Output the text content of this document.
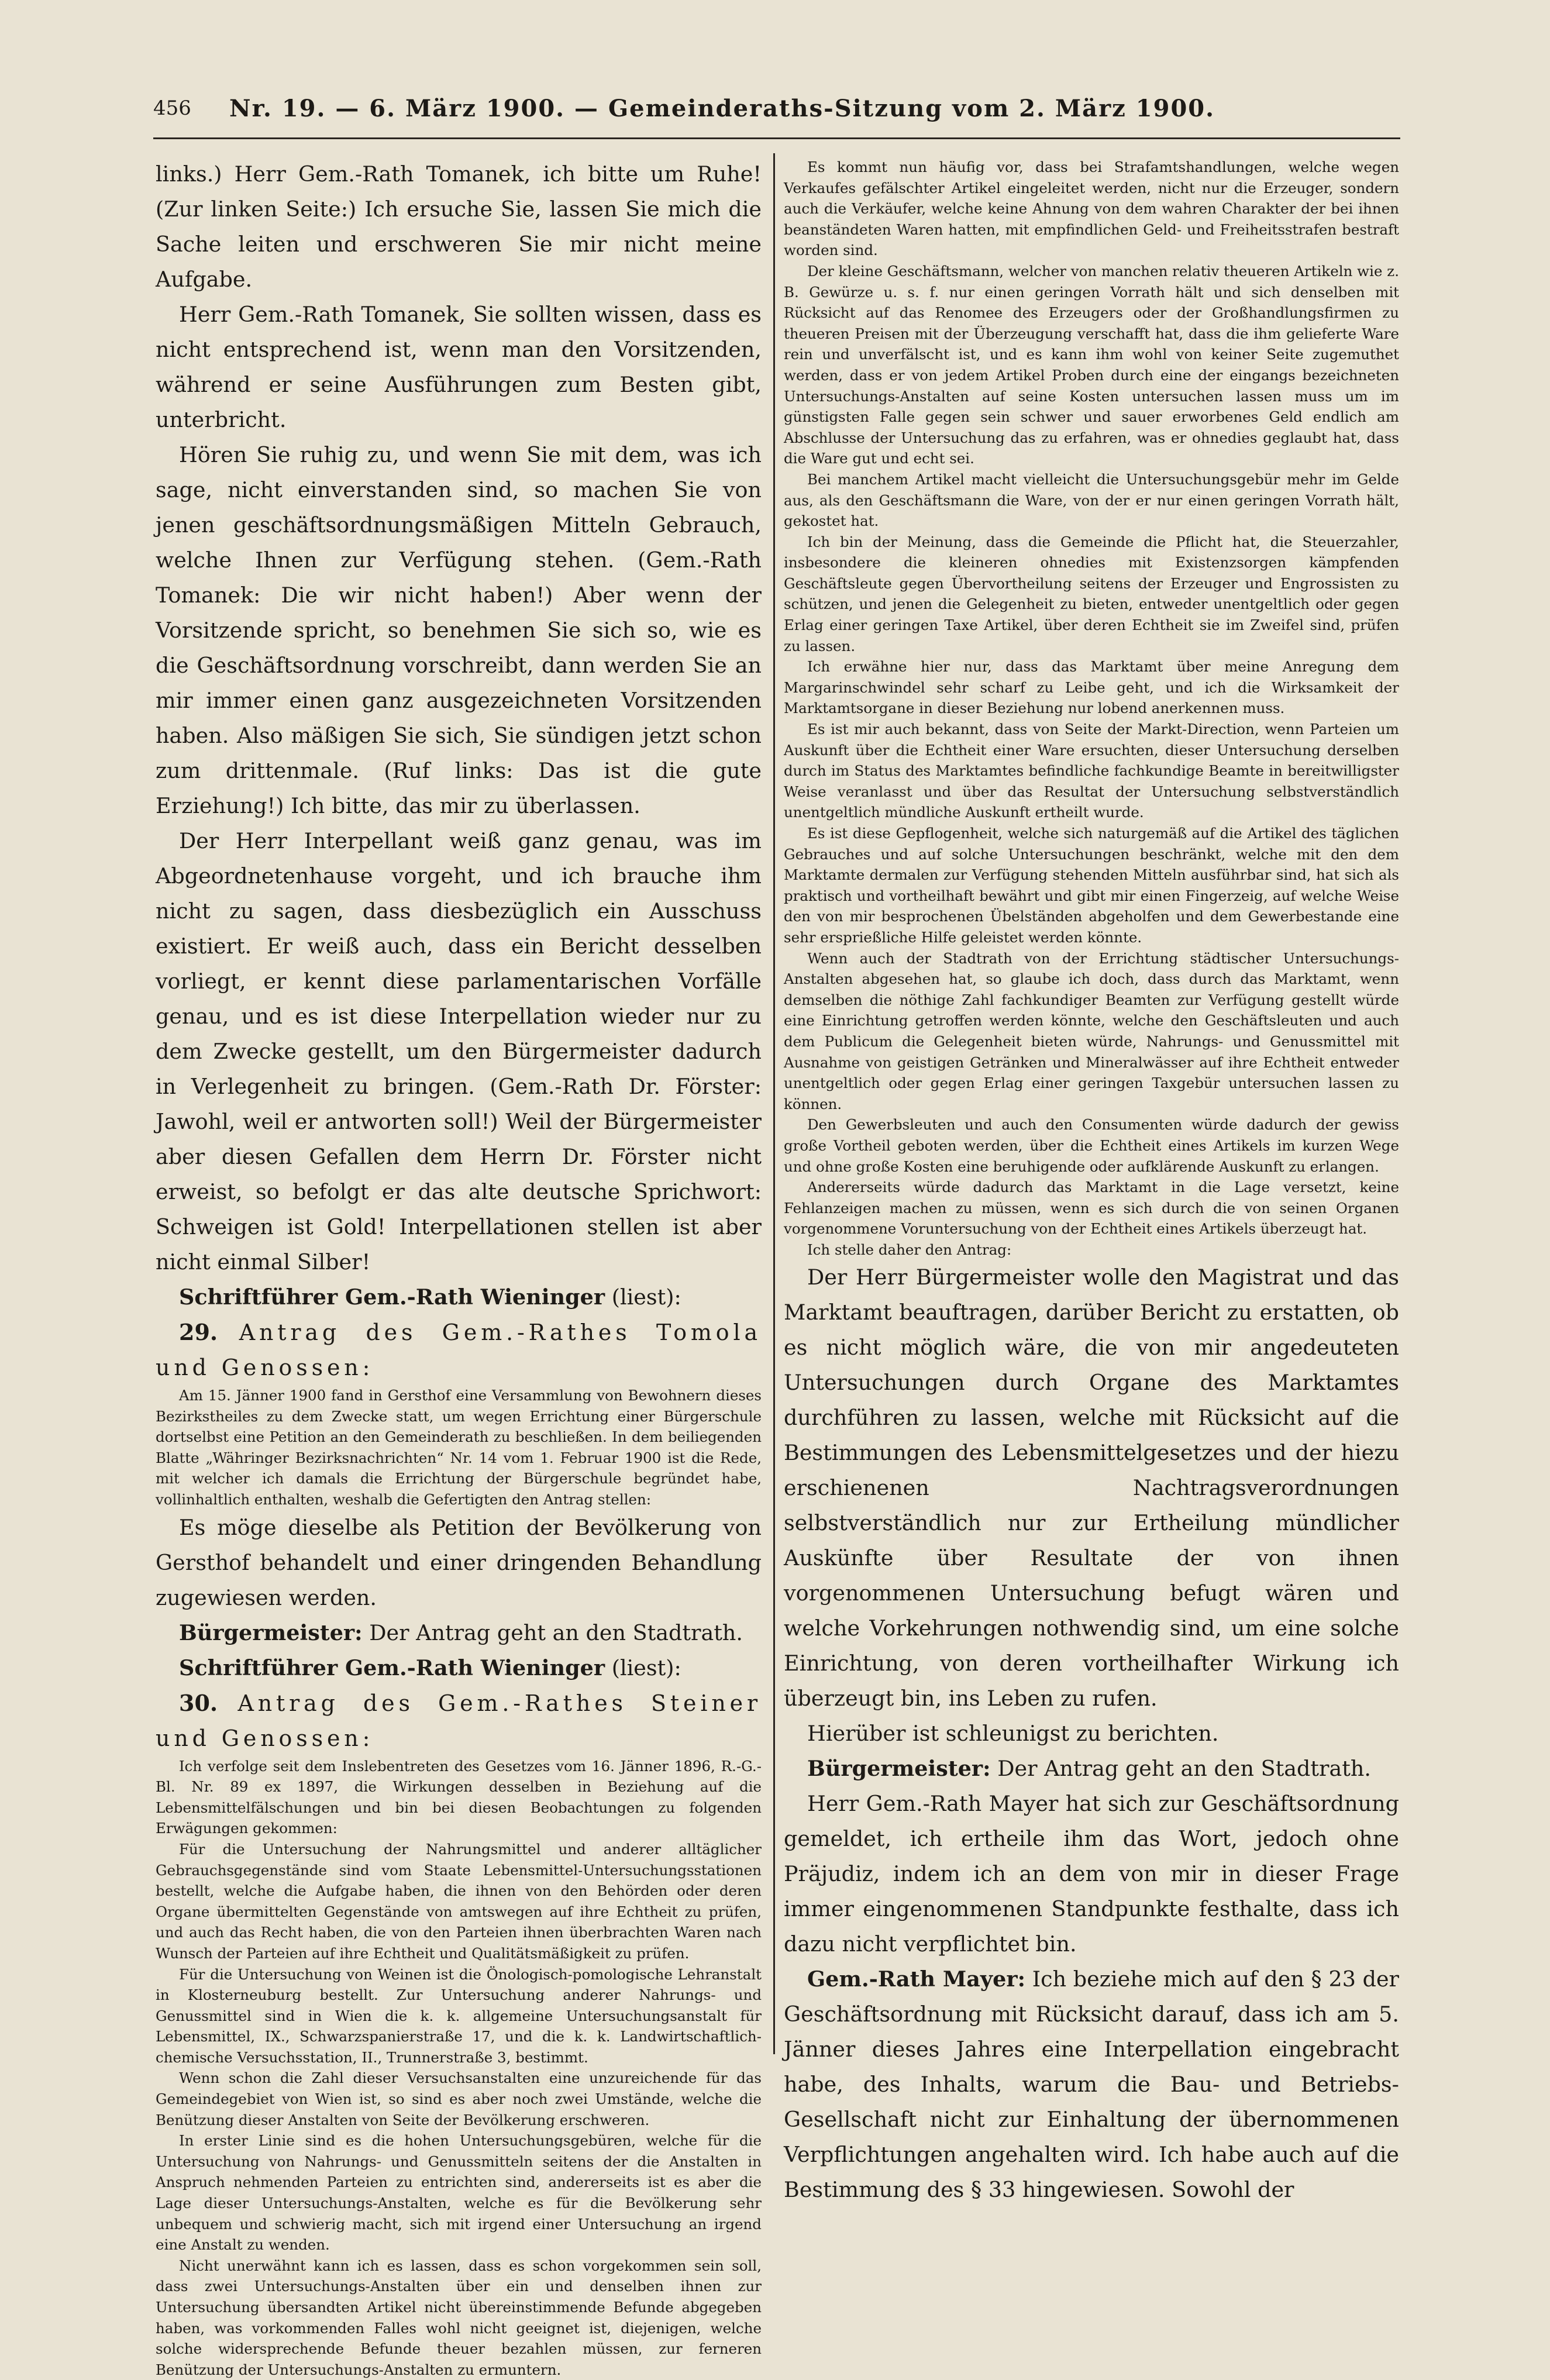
456	Nr. 19. — 6. März 1900. — Gemeinderaths-Sitzung vom 2. März 1900.

links.) Herr Gem.-Rath Tomanek, ich bitte um Ruhe! (Zur linken Seite:) Ich ersuche Sie, lassen Sie mich die Sache leiten und erschweren Sie mir nicht meine Aufgabe.

Herr Gem.-Rath Tomanek, Sie sollten wissen, dass es nicht entsprechend ist, wenn man den Vorsitzenden, während er seine Ausführungen zum Besten gibt, unterbricht.

Hören Sie ruhig zu, und wenn Sie mit dem, was ich sage, nicht einverstanden sind, so machen Sie von jenen geschäftsordnungsmäßigen Mitteln Gebrauch, welche Ihnen zur Verfügung stehen. (Gem.-Rath Tomanek: Die wir nicht haben!) Aber wenn der Vorsitzende spricht, so benehmen Sie sich so, wie es die Geschäftsordnung vorschreibt, dann werden Sie an mir immer einen ganz ausgezeichneten Vorsitzenden haben. Also mäßigen Sie sich, Sie sündigen jetzt schon zum drittenmale. (Ruf links: Das ist die gute Erziehung!) Ich bitte, das mir zu überlassen.

Der Herr Interpellant weiß ganz genau, was im Abgeordnetenhause vorgeht, und ich brauche ihm nicht zu sagen, dass diesbezüglich ein Ausschuss existiert. Er weiß auch, dass ein Bericht desselben vorliegt, er kennt diese parlamentarischen Vorfälle genau, und es ist diese Interpellation wieder nur zu dem Zwecke gestellt, um den Bürgermeister dadurch in Verlegenheit zu bringen. (Gem.-Rath Dr. Förster: Jawohl, weil er antworten soll!) Weil der Bürgermeister aber diesen Gefallen dem Herrn Dr. Förster nicht erweist, so befolgt er das alte deutsche Sprichwort: Schweigen ist Gold! Interpellationen stellen ist aber nicht einmal Silber!

Schriftführer Gem.-Rath Wieninger (liest):

29. Antrag des Gem.-Rathes Tomola und Genossen:

Am 15. Jänner 1900 fand in Gersthof eine Versammlung von Bewohnern dieses Bezirkstheiles zu dem Zwecke statt, um wegen Errichtung einer Bürgerschule dortselbst eine Petition an den Gemeinderath zu beschließen. In dem beiliegenden Blatte „Währinger Bezirksnachrichten“ Nr. 14 vom 1. Februar 1900 ist die Rede, mit welcher ich damals die Errichtung der Bürgerschule begründet habe, vollinhaltlich enthalten, weshalb die Gefertigten den Antrag stellen:

Es möge dieselbe als Petition der Bevölkerung von Gersthof behandelt und einer dringenden Behandlung zugewiesen werden.

Bürgermeister: Der Antrag geht an den Stadtrath.

Schriftführer Gem.-Rath Wieninger (liest):

30. Antrag des Gem.-Rathes Steiner und Genossen:

Ich verfolge seit dem Inslebentreten des Gesetzes vom 16. Jänner 1896, R.-G.-Bl. Nr. 89 ex 1897, die Wirkungen desselben in Beziehung auf die Lebensmittelfälschungen und bin bei diesen Beobachtungen zu folgenden Erwägungen gekommen:

Für die Untersuchung der Nahrungsmittel und anderer alltäglicher Gebrauchsgegenstände sind vom Staate Lebensmittel-Untersuchungsstationen bestellt, welche die Aufgabe haben, die ihnen von den Behörden oder deren Organe übermittelten Gegenstände von amtswegen auf ihre Echtheit zu prüfen, und auch das Recht haben, die von den Parteien ihnen überbrachten Waren nach Wunsch der Parteien auf ihre Echtheit und Qualitätsmäßigkeit zu prüfen.

Für die Untersuchung von Weinen ist die Önologisch-pomologische Lehranstalt in Klosterneuburg bestellt. Zur Untersuchung anderer Nahrungs- und Genussmittel sind in Wien die k. k. allgemeine Untersuchungsanstalt für Lebensmittel, IX., Schwarzspanierstraße 17, und die k. k. Landwirtschaftlich-chemische Versuchsstation, II., Trunnerstraße 3, bestimmt.

Wenn schon die Zahl dieser Versuchsanstalten eine unzureichende für das Gemeindegebiet von Wien ist, so sind es aber noch zwei Umstände, welche die Benützung dieser Anstalten von Seite der Bevölkerung erschweren.

In erster Linie sind es die hohen Untersuchungsgebüren, welche für die Untersuchung von Nahrungs- und Genussmitteln seitens der die Anstalten in Anspruch nehmenden Parteien zu entrichten sind, andererseits ist es aber die Lage dieser Untersuchungs-Anstalten, welche es für die Bevölkerung sehr unbequem und schwierig macht, sich mit irgend einer Untersuchung an irgend eine Anstalt zu wenden.

Nicht unerwähnt kann ich es lassen, dass es schon vorgekommen sein soll, dass zwei Untersuchungs-Anstalten über ein und denselben ihnen zur Untersuchung übersandten Artikel nicht übereinstimmende Befunde abgegeben haben, was vorkommenden Falles wohl nicht geeignet ist, diejenigen, welche solche widersprechende Befunde theuer bezahlen müssen, zur ferneren Benützung der Untersuchungs-Anstalten zu ermuntern.

Es kommt nun häufig vor, dass bei Strafamtshandlungen, welche wegen Verkaufes gefälschter Artikel eingeleitet werden, nicht nur die Erzeuger, sondern auch die Verkäufer, welche keine Ahnung von dem wahren Charakter der bei ihnen beanständeten Waren hatten, mit empfindlichen Geld- und Freiheitsstrafen bestraft worden sind.

Der kleine Geschäftsmann, welcher von manchen relativ theueren Artikeln wie z. B. Gewürze u. s. f. nur einen geringen Vorrath hält und sich denselben mit Rücksicht auf das Renomee des Erzeugers oder der Großhandlungsfirmen zu theueren Preisen mit der Überzeugung verschafft hat, dass die ihm gelieferte Ware rein und unverfälscht ist, und es kann ihm wohl von keiner Seite zugemuthet werden, dass er von jedem Artikel Proben durch eine der eingangs bezeichneten Untersuchungs-Anstalten auf seine Kosten untersuchen lassen muss um im günstigsten Falle gegen sein schwer und sauer erworbenes Geld endlich am Abschlusse der Untersuchung das zu erfahren, was er ohnedies geglaubt hat, dass die Ware gut und echt sei.

Bei manchem Artikel macht vielleicht die Untersuchungsgebür mehr im Gelde aus, als den Geschäftsmann die Ware, von der er nur einen geringen Vorrath hält, gekostet hat.

Ich bin der Meinung, dass die Gemeinde die Pflicht hat, die Steuerzahler, insbesondere die kleineren ohnedies mit Existenzsorgen kämpfenden Geschäftsleute gegen Übervortheilung seitens der Erzeuger und Engrossisten zu schützen, und jenen die Gelegenheit zu bieten, entweder unentgeltlich oder gegen Erlag einer geringen Taxe Artikel, über deren Echtheit sie im Zweifel sind, prüfen zu lassen.

Ich erwähne hier nur, dass das Marktamt über meine Anregung dem Margarinschwindel sehr scharf zu Leibe geht, und ich die Wirksamkeit der Marktamtsorgane in dieser Beziehung nur lobend anerkennen muss.

Es ist mir auch bekannt, dass von Seite der Markt-Direction, wenn Parteien um Auskunft über die Echtheit einer Ware ersuchten, dieser Untersuchung derselben durch im Status des Marktamtes befindliche fachkundige Beamte in bereitwilligster Weise veranlasst und über das Resultat der Untersuchung selbstverständlich unentgeltlich mündliche Auskunft ertheilt wurde.

Es ist diese Gepflogenheit, welche sich naturgemäß auf die Artikel des täglichen Gebrauches und auf solche Untersuchungen beschränkt, welche mit den dem Marktamte dermalen zur Verfügung stehenden Mitteln ausführbar sind, hat sich als praktisch und vortheilhaft bewährt und gibt mir einen Fingerzeig, auf welche Weise den von mir besprochenen Übelständen abgeholfen und dem Gewerbestande eine sehr ersprießliche Hilfe geleistet werden könnte.

Wenn auch der Stadtrath von der Errichtung städtischer Untersuchungs-Anstalten abgesehen hat, so glaube ich doch, dass durch das Marktamt, wenn demselben die nöthige Zahl fachkundiger Beamten zur Verfügung gestellt würde eine Einrichtung getroffen werden könnte, welche den Geschäftsleuten und auch dem Publicum die Gelegenheit bieten würde, Nahrungs- und Genussmittel mit Ausnahme von geistigen Getränken und Mineralwässer auf ihre Echtheit entweder unentgeltlich oder gegen Erlag einer geringen Taxgebür untersuchen lassen zu können.

Den Gewerbsleuten und auch den Consumenten würde dadurch der gewiss große Vortheil geboten werden, über die Echtheit eines Artikels im kurzen Wege und ohne große Kosten eine beruhigende oder aufklärende Auskunft zu erlangen.

Andererseits würde dadurch das Marktamt in die Lage versetzt, keine Fehlanzeigen machen zu müssen, wenn es sich durch die von seinen Organen vorgenommene Voruntersuchung von der Echtheit eines Artikels überzeugt hat.

Ich stelle daher den Antrag:

Der Herr Bürgermeister wolle den Magistrat und das Marktamt beauftragen, darüber Bericht zu erstatten, ob es nicht möglich wäre, die von mir angedeuteten Untersuchungen durch Organe des Marktamtes durchführen zu lassen, welche mit Rücksicht auf die Bestimmungen des Lebensmittelgesetzes und der hiezu erschienenen Nachtragsverordnungen selbstverständlich nur zur Ertheilung mündlicher Auskünfte über Resultate der von ihnen vorgenommenen Untersuchung befugt wären und welche Vorkehrungen nothwendig sind, um eine solche Einrichtung, von deren vortheilhafter Wirkung ich überzeugt bin, ins Leben zu rufen.

Hierüber ist schleunigst zu berichten.

Bürgermeister: Der Antrag geht an den Stadtrath.

Herr Gem.-Rath Mayer hat sich zur Geschäftsordnung gemeldet, ich ertheile ihm das Wort, jedoch ohne Präjudiz, indem ich an dem von mir in dieser Frage immer eingenommenen Standpunkte festhalte, dass ich dazu nicht verpflichtet bin.

Gem.-Rath Mayer: Ich beziehe mich auf den § 23 der Geschäftsordnung mit Rücksicht darauf, dass ich am 5. Jänner dieses Jahres eine Interpellation eingebracht habe, des Inhalts, warum die Bau- und Betriebs-Gesellschaft nicht zur Einhaltung der übernommenen Verpflichtungen angehalten wird. Ich habe auch auf die Bestimmung des § 33 hingewiesen. Sowohl der
